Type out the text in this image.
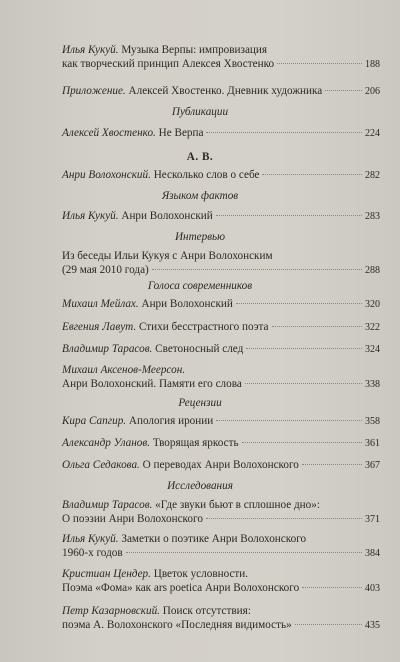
Илья Кукуй. Музыка Верпы: импровизация
как творческий принцип Алексея Хвостенко	188
Приложение. Алексей Хвостенко. Дневник художника	206
Публикации
Алексей Хвостенко. Не Верпа	224
А. В.
Анри Волохонский. Несколько слов о себе	282
Языком фактов
Илья Кукуй. Анри Волохонский	283
Интервью
Из беседы Ильи Кукуя с Анри Волохонским
(29 мая 2010 года)	288
Голоса современников
Михаил Мейлах. Анри Волохонский	320
Евгения Лавут. Стихи бесстрастного поэта	322
Владимир Тарасов. Светоносный след	324
Михаил Аксенов-Меерсон.
Анри Волохонский. Памяти его слова	338
Рецензии
Кира Сапгир. Апология иронии	358
Александр Уланов. Творящая яркость	361
Ольга Седакова. О переводах Анри Волохонского	367
Исследования
Владимир Тарасов. «Где звуки бьют в сплошное дно»:
О поэзии Анри Волохонского	371
Илья Кукуй. Заметки о поэтике Анри Волохонского
1960-х годов	384
Кристиан Цендер. Цветок условности.
Поэма «Фома» как ars poetica Анри Волохонского	403
Петр Казарновский. Поиск отсутствия:
поэма А. Волохонского «Последняя видимость»	435
